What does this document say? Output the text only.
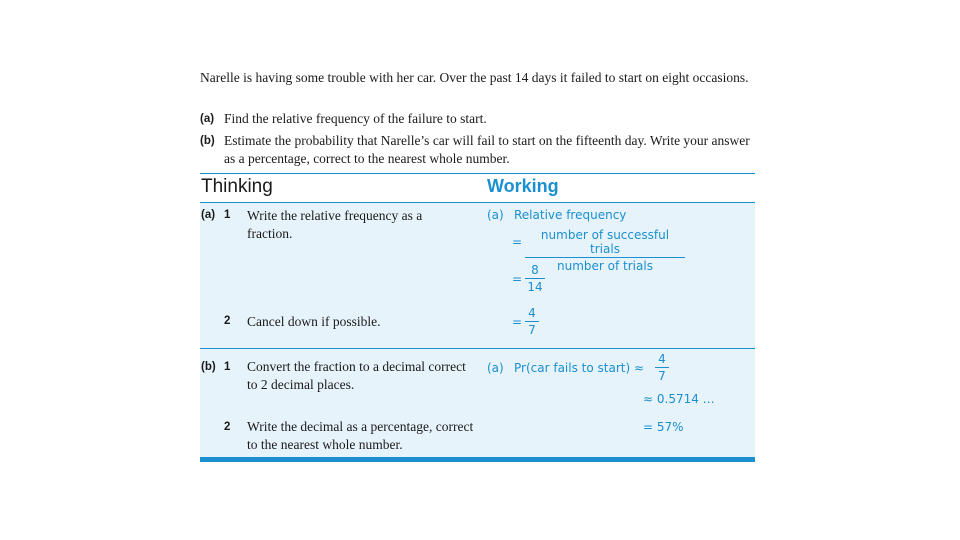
Narelle is having some trouble with her car. Over the past 14 days it failed to start on eight occasions.

(a) Find the relative frequency of the failure to start.
(b) Estimate the probability that Narelle’s car will fail to start on the fifteenth day. Write your answer as a percentage, correct to the nearest whole number.
Thinking	Working
(a) 1 Write the relative frequency as a fraction.
2 Cancel down if possible.
(a) Relative frequency
=	number of successful trials
number of trials
= $\frac{8}{14}$
= $\frac{4}{7}$
(b) 1 Convert the fraction to a decimal correct to 2 decimal places.
2 Write the decimal as a percentage, correct to the nearest whole number.
(a) Pr(car fails to start) ≈ $\frac{4}{7}$
≈ 0.5714 …
= 57%
